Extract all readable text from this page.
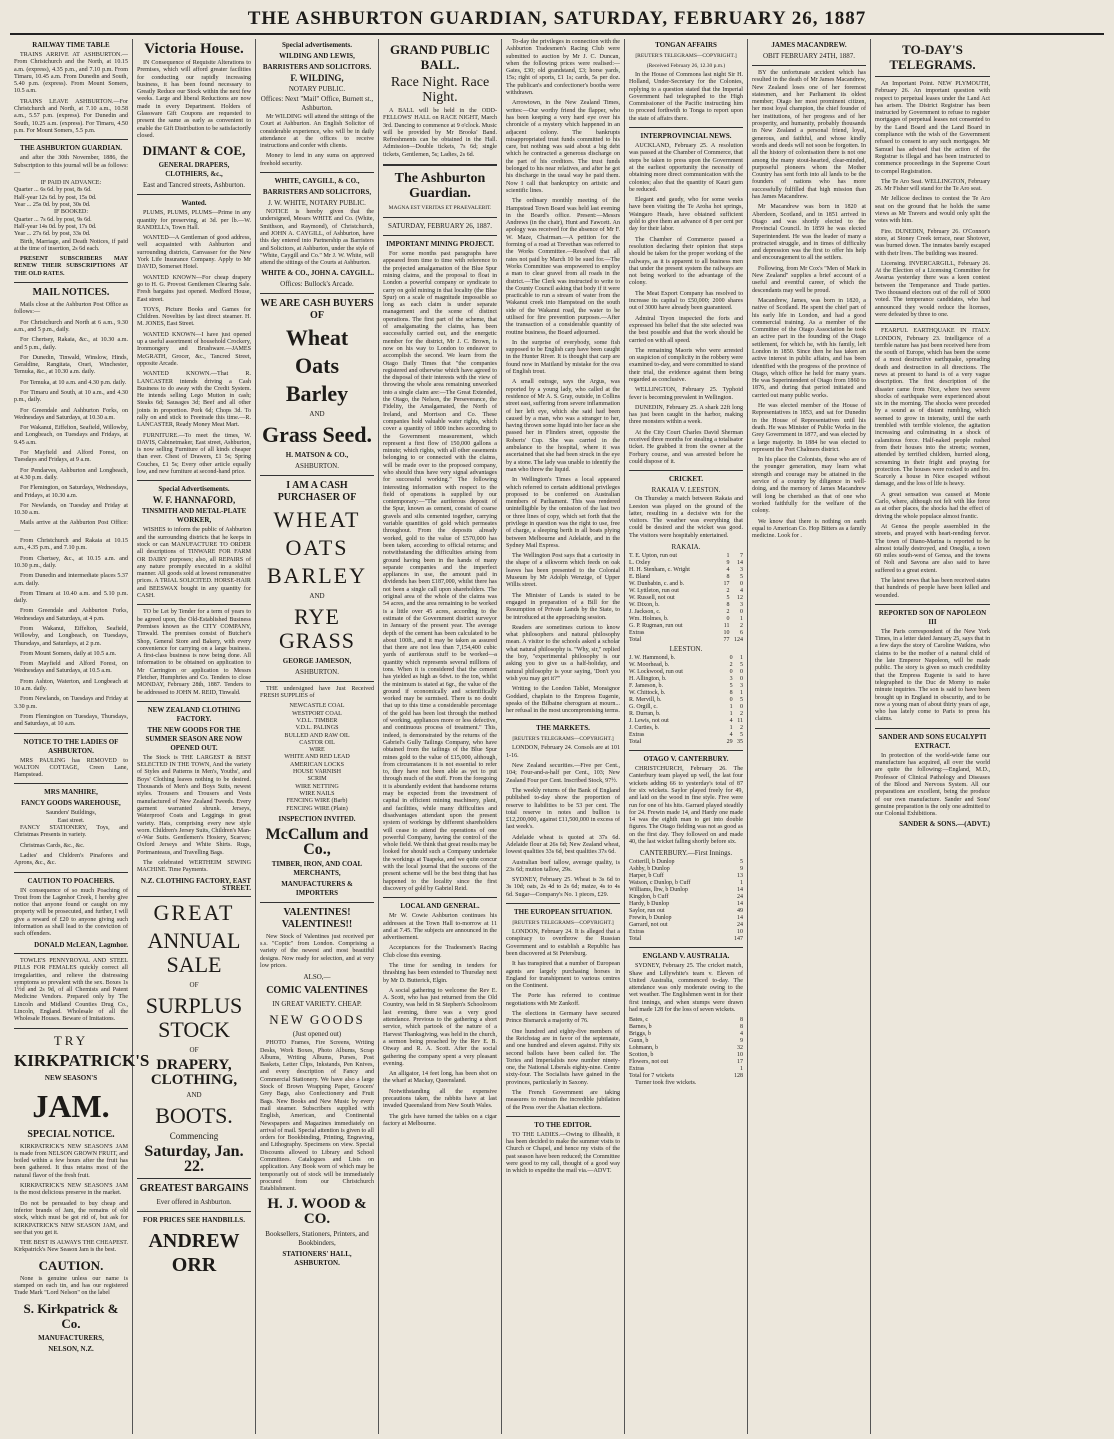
THE ASHBURTON GUARDIAN, SATURDAY, FEBRUARY 26, 1887
RAILWAY TIME TABLE

TRAINS ARRIVE AT ASHBURTON.—From Christchurch and the North, at 10.15 a.m. (express), 4.35 p.m., and 7.10 p.m. From Timaru, 10.45 a.m. From Dunedin and South, 5.40 p.m. (express). From Mount Somers, 10.5 a.m.

TRAINS LEAVE ASHBURTON.—For Christchurch and North, at 7.10 a.m., 10.58 a.m., 5.57 p.m. (express). For Dunedin and South, 10.25 a.m. (express). For Timaru, 4.50 p.m. For Mount Somers, 5.5 p.m.

THE ASHBURTON GUARDIAN.

and after the 30th November, 1886, the Subscription to this journal will be as follows:—

IF PAID IN ADVANCE:
Quarter ... 6s 6d. by post, 8s 6d.
Half-year 12s 6d. by post, 15s 0d.
Year ... 25s 0d. by post, 30s 0d.
IF BOOKED:
Quarter ... 7s 6d. by post, 9s 6d.
Half-year 14s 0d. by post, 17s 0d.
Year ... 27s 6d. by post, 33s 0d.

Birth, Marriage, and Death Notices, if paid at the time of insertion, 2s 6d each.

PRESENT SUBSCRIBERS MAY RENEW THEIR SUBSCRIPTIONS AT THE OLD RATES.

MAIL NOTICES.

Mails close at the Ashburton Post Office as follows:—

For Christchurch and North at 6 a.m., 9.30 a.m., and 5 p.m., daily.

For Chertsey, Rakaia, &c., at 10.30 a.m. and 5 p.m., daily.

For Dunedin, Tinwald, Winslow, Hinds, Geraldine, Rangitata, Orari, Winchester, Temuka, &c., at 10.30 a.m. daily.

For Temuka, at 10 a.m. and 4.30 p.m. daily.

For Timaru and South, at 10 a.m., and 4.30 p.m., daily.

For Greendale and Ashburton Forks, on Wednesdays and Saturdays, at 10.30 a.m.

For Wakanui, Eiffelton, Seafield, Willowby, and Longbeach, on Tuesdays and Fridays, at 9.45 a.m.

For Mayfield and Alford Forest, on Tuesdays and Fridays, at 9 a.m.

For Pendarves, Ashburton and Longbeach, at 4.30 p.m. daily.

For Flemington, on Saturdays, Wednesdays, and Fridays, at 10.30 a.m.

For Newlands, on Tuesday and Friday at 10.30 a.m.

Mails arrive at the Ashburton Post Office:—

From Christchurch and Rakaia at 10.15 a.m., 4.35 p.m., and 7.10 p.m.

From Chertsey, &c., at 10.15 a.m. and 10.30 p.m., daily.

From Dunedin and intermediate places 5.37 a.m. daily.

From Timaru at 10.40 a.m. and 5.10 p.m. daily.

From Greendale and Ashburton Forks, Wednesdays and Saturdays, at 4 p.m.

From Wakanui, Eiffelton, Seafield, Willowby, and Longbeach, on Tuesdays, Thursdays, and Saturdays, at 2 p.m.

From Mount Somers, daily at 10.5 a.m.

From Mayfield and Alford Forest, on Wednesdays and Saturdays, at 10.5 a.m.

From Ashton, Waterton, and Longbeach at 10 a.m. daily.

From Newlands, on Tuesdays and Friday at 3.30 p.m.

From Flemington on Tuesdays, Thursdays, and Saturdays, at 10 a.m.

NOTICE TO THE LADIES OF ASHBURTON.

MRS PAULING has REMOVED to WALTON COTTAGE, Creen Lane, Hampstead.

MRS MANHIRE,
FANCY GOODS WAREHOUSE,
Saunders' Buildings,
East street.

FANCY STATIONERY, Toys, and Christmas Presents in variety.

Christmas Cards, &c., &c.

Ladies' and Children's Pinafores and Aprons, &c., &c.

CAUTION TO POACHERS.

IN consequence of so much Poaching of Trout from the Lagmhor Creek, I hereby give notice that anyone found or caught on my property will be prosecuted, and further, I will give a reward of £20 to anyone giving such information as shall lead to the conviction of such offenders.

DONALD McLEAN, Lagmhor.

TOWLE'S PENNYROYAL AND STEEL PILLS FOR FEMALES quickly correct all irregularities, and relieve the distressing symptoms so prevalent with the sex. Boxes 1s 1½d and 2s 9d, of all Chemists and Patent Medicine Vendors. Prepared only by The Lincoln and Midland Counties Drug Co., Lincoln, England. Wholesale of all the Wholesale Houses. Beware of Imitations.

TRY
KIRKPATRICK'S
NEW SEASON'S
JAM.
SPECIAL NOTICE.

KIRKPATRICK'S NEW SEASON'S JAM is made from NELSON GROWN FRUIT, and boiled within a few hours after the fruit has been gathered. It thus retains most of the natural flavor of the fresh fruit.

KIRKPATRICK'S NEW SEASON'S JAM is the most delicious preserve in the market.

Do not be persuaded to buy cheap and inferior brands of Jam, the remains of old stock, which must be got rid of, but ask for KIRKPATRICK'S NEW SEASON JAM, and see that you get it.

THE BEST IS ALWAYS THE CHEAPEST. Kirkpatrick's New Season Jam is the best.

CAUTION.

None is genuine unless our name is stamped on each tin, and has our registered Trade Mark "Lord Nelson" on the label

S. Kirkpatrick & Co.
MANUFACTURERS,
NELSON, N.Z.
Victoria House.

IN Consequence of Requisite Alterations to Premises, which will afford greater facilities for conducting our rapidly increasing business, it has been found necessary to Greatly Reduce our Stock within the next few weeks. Large and liberal Reductions are now made in every Department. Holders of Glassware Gift Coupons are requested to present the same as early as convenient to enable the Gift Distribution to be satisfactorily closed.

DIMANT & COE,
GENERAL DRAPERS, CLOTHIERS, &c.,
East and Tancred streets, Ashburton.
Wanted.

PLUMS, PLUMS, PLUMS—Prime in any quantity for preserving, at 3d. per lb.—W. RANDELL's, Town Hall.

WANTED—A Gentleman of good address, well acquainted with Ashburton and surrounding districts, Canvasser for the New York Life Insurance Company. Apply to Mr DAVID, Somerset Hotel.

WANTED KNOWN—For cheap drapery go to H. G. Provost Gentlemen Clearing Sale. Fresh bargains just opened. Medford House, East street.

TOYS, Picture Books and Games for Children. Novelties by last direct steamer. H. M. JONES, East Street.

WANTED KNOWN—I have just opened up a useful assortment of household Crockery, Ironmongery and Brushware.—JAMES McGRATH, Grocer, &c., Tancred Street, opposite Arcade.

WANTED KNOWN.—That R. LANCASTER intends driving a Cash Business to do away with the Credit System. He intends selling Lego Mutton in cash; Steaks 6d; Sausages 3d; Beef and all other joints in proportion. Pork 6d; Chops 3d. To rally on and stick to Freetrade this time.—R. LANCASTER, Ready Money Meat Mart.

FURNITURE.—To meet the times, W. DAVIS, Cabinetmaker, East street, Ashburton, is now selling Furniture of all kinds cheaper than ever. Chest of Drawers, £1 5s; Spring Couches, £1 5s; Every other article equally low, and new furniture at second-hand price.

Special Advertisements.
W. F. HANNAFORD,
TINSMITH AND METAL-PLATE WORKER,

WISHES to inform the public of Ashburton and the surrounding districts that he keeps in stock or can MANUFACTURE TO ORDER all descriptions of TINWARE FOR FARM OR DAIRY purposes; also, all REPAIRS of any nature promptly executed in a skilful manner. All goods sold at lowest remunerative prices. A TRIAL SOLICITED. HORSE-HAIR and BEESWAX bought in any quantity for CASH.

TO be Let by Tender for a term of years to be agreed upon, the Old-Established Business Premises known as the CITY COMPANY, Tinwald. The premises consist of Butcher's Shop, General Store and Bakery, with every convenience for carrying on a large business. A first-class business is now being done. All information to be obtained on application to Mr Carrington or application to Messrs Fletcher, Humphries and Co. Tenders to close MONDAY, February 28th, 1887. Tenders to be addressed to JOHN M. REID, Tinwald.

NEW ZEALAND CLOTHING FACTORY.
THE NEW GOODS FOR THE SUMMER SEASON ARE NOW OPENED OUT.

The Stock is THE LARGEST & BEST SELECTED IN THE TOWN, And the variety of Styles and Patterns in Men's, Youths', and Boys' Clothing leaves nothing to be desired. Thousands of Men's and Boys Suits, newest styles. Trousers and Trousers and Vests manufactured of New Zealand Tweeds. Every garment warranted shrunk. Jerseys, Waterproof Coats and Leggings in great variety. Hats, comprising every new style worn. Children's Jersey Suits, Children's Man-o'-War Suits. Gentlemen's Hosiery, Scarves; Oxford Jerseys and White Shirts. Rugs, Portmanteaus, and Travelling Bags.

The celebrated WERTHEIM SEWING MACHINE. Time Payments.

N.Z. CLOTHING FACTORY, EAST STREET.
GREAT
ANNUAL SALE
OF
SURPLUS STOCK
OF
DRAPERY, CLOTHING,
AND
BOOTS.
Commencing
Saturday, Jan. 22.
GREATEST BARGAINS
Ever offered in Ashburton.
FOR PRICES SEE HANDBILLS.
ANDREW ORR
Special advertisements.
WILDING AND LEWIS,
BARRISTERS AND SOLICITORS.
F. WILDING,
NOTARY PUBLIC.
Offices: Next "Mail" Office, Burnett st., Ashburton.

Mr WILDING will attend the sittings of the Court at Ashburton. An English Solicitor of considerable experience, who will be in daily attendance at the offices to receive instructions and confer with clients.

Money to lend in any sums on approved freehold security.

WHITE, CAYGILL, & CO.,
BARRISTERS AND SOLICITORS,
J. W. WHITE, NOTARY PUBLIC.

NOTICE is hereby given that the undersigned, Messrs WHITE and Co. (White, Smithson, and Raymond), of Christchurch, and JOHN A. CAYGILL, of Ashburton, have this day entered into Partnership as Barristers and Solicitors, at Ashburton, under the style of "White, Caygill and Co." Mr J. W. White, will attend the sittings of the Courts at Ashburton.

WHITE & CO., JOHN A. CAYGILL.
Offices: Bullock's Arcade.
WE ARE CASH BUYERS OF
Wheat
Oats
Barley
AND
Grass Seed.
H. MATSON & CO.,
ASHBURTON.
I AM A CASH PURCHASER OF
WHEAT
OATS
BARLEY
AND
RYE GRASS
GEORGE JAMESON,
ASHBURTON.

THE undersigned have Just Received FRESH SUPPLIES of

NEWCASTLE COAL
WESTPORT COAL
V.D.L. TIMBER
V.D.L. PALINGS
BULLED AND RAW OIL
CASTOR OIL
WIRE
WHITE AND RED LEAD
AMERICAN LOCKS
HOUSE VARNISH
SCRIM
WIRE NETTING
WIRE NAILS
FENCING WIRE (Barb)
FENCING WIRE (Plain)
INSPECTION INVITED.
McCallum and Co.,
TIMBER, IRON, AND COAL MERCHANTS,
MANUFACTURERS & IMPORTERS
VALENTINES! VALENTINES!!

New Stock of Valentines just received per s.s. "Coptic" from London. Comprising a variety of the newest and most beautiful designs. Now ready for selection, and at very low prices.

ALSO,—
COMIC VALENTINES
IN GREAT VARIETY. CHEAP.
NEW GOODS
(Just opened out)

PHOTO Frames, Fire Screens, Writing Desks, Work Boxes, Photo Albums, Scrap Albums, Writing Albums, Purses, Post Baskets, Letter Clips, Inkstands, Pen Knives, and every description of Fancy and Commercial Stationery. We have also a large Stock of Brown Wrapping Paper, Grocers' Grey Bags, also Confectionery and Fruit Bags. New Books and New Music by every mail steamer. Subscribers supplied with English, American, and Continental Newspapers and Magazines immediately on arrival of mail. Special attention is given to all orders for Bookbinding, Printing, Engraving, and Lithography. Specimens on view. Special Discounts allowed to Library and School Committees. Catalogues and Lists on application. Any Book worn of which may be temporarily out of stock will be immediately procured from our Christchurch Establishment.

H. J. WOOD & CO.
Booksellers, Stationers, Printers, and Bookbinders,
STATIONERS' HALL, ASHBURTON.
GRAND PUBLIC BALL.
Race Night. Race Night.

A BALL will be held in the ODD-FELLOWS' HALL on RACE NIGHT, March 3rd. Dancing to commence at 9 o'clock. Music will be provided by Mr Brooks' Band. Refreshments can be obtained in the Hall. Admission—Double tickets, 7s 6d; single tickets, Gentlemen, 5s; Ladies, 2s 6d.

The Ashburton Guardian.
MAGNA EST VERITAS ET PRAEVALEBIT.
SATURDAY, FEBRUARY 26, 1887.
IMPORTANT MINING PROJECT.

For some months past paragraphs have appeared from time to time with reference to the projected amalgamation of the Blue Spur mining claims, and the proposal to float in London a powerful company or syndicate to carry on gold mining in that locality (the Blue Spur) on a scale of magnitude impossible so long as each claim is under separate management and the scene of distinct operations. The first part of the scheme, that of amalgamating the claims, has been successfully carried out, and the energetic member for the district, Mr J. C. Brown, is now on his way to London to endeavor to accomplish the second. We learn from the Otago Daily Times that "the companies registered and otherwise which have agreed to the disposal of their interests with the view of throwing the whole area remaining unworked into a single claim are:—The Great Extended, the Otago, the Nelson, the Perseverance, the Fidelity, the Amalgamated, the North of Ireland, and Morrison and Co. These companies hold valuable water rights, which cover a quantity of 1800 inches according to the Government measurement, which represent a first flow of 150,000 gallons a minute; which rights, with all other easements belonging to or connected with the claims, will be made over to the proposed company, who should thus have very signal advantages for successful working." The following interesting information with respect to the field of operations is supplied by our contemporary:—"The auriferous deposit of the Spur, known as cement, consist of coarse gravels and silts cemented together, carrying variable quantities of gold which permeates throughout. From the deposits already worked, gold to the value of £570,000 has been taken, according to official returns; and notwithstanding the difficulties arising from ground having been in the hands of many separate companies and the imperfect appliances in use, the amount paid in dividends has been £187,000, whilst there has not been a single call upon shareholders. The original area of the whole of the claims was 54 acres, and the area remaining to be worked is a little over 45 acres, according to the estimate of the Government district surveyor in January of the present year. The average depth of the cement has been calculated to be about 100ft., and it may be taken as assured that there are not less than 7,154,400 cubic yards of auriferous stuff to be worked—a quantity which represents several millions of tons. When it is considered that the cement has yielded as high as 6dwt. to the ton, whilst the minimum is stated at 6gr., the value of the ground if economically and scientifically worked may be surmised. There is no doubt that up to this time a considerable percentage of the gold has been lost through the method of working, appliances more or less defective, and continuous process of treatment." This, indeed, is demonstrated by the returns of the Gabriel's Gully Tailings Company, who have obtained from the tailings of the Blue Spur mines gold to the value of £15,000, although, from circumstances it is not essential to refer to, they have not been able as yet to put through much of the stuff. From the foregoing it is abundantly evident that handsome returns may be expected from the investment of capital in efficient mining machinery, plant, and facilities, while many difficulties and disadvantages attendant upon the present system of workings by different shareholders will cease to attend the operations of one powerful Company, having the control of the whole field. We think that great results may be looked for should such a Company undertake the workings at Tuapeka, and we quite concur with the local journal that the success of the present scheme will be the best thing that has happened to the locality since the first discovery of gold by Gabriel Reid.

LOCAL AND GENERAL.

Mr W. Cowie Ashburton continues his addresses at the Town Hall to-morrow at 11 and at 7.45. The subjects are announced in the advertisement.

Acceptances for the Tradesmen's Racing Club close this evening.

The time for sending in tenders for thrashing has been extended to Thursday next by Mr D. Butterick, Elgin.

A social gathering to welcome the Rev E. A. Scott, who has just returned from the Old Country, was held in St Stephen's Schoolroom last evening, there was a very good attendance. Previous to the gathering a short service, which partook of the nature of a Harvest Thanksgiving, was held in the church, a sermon being preached by the Rev E. B. Otway and R. A. Scott. After the social gathering the company spent a very pleasant evening.

An alligator, 14 feet long, has been shot on the wharf at Mackay, Queensland.

Notwithstanding all the expensive precautions taken, the rabbits have at last invaded Queensland from New South Wales.

The girls have turned the tables on a cigar factory at Melbourne.

To-day the privileges in connection with the Ashburton Tradesmen's Racing Club were submitted to auction by Mr J. C. Duncan, when the following prices were realised:—Gates, £30; old grandstand, £3; horse yards, 15s; right of sports, £1 1s; cards, 5s per doz. The publican's and confectioner's booths were withdrawn.

Arrowtown, in the New Zealand Times, writes:—Our worthy friend the flapper, who has been keeping a very hard eye over his chronicle of a mystery which happened in an adjacent colony. The bankrupts misappropriated trust funds committed to his care, but nothing was said about a big debt which he contracted a generous discharge on the part of his creditors. The trust funds belonged to his near relatives, and after he got his discharge in the usual way he paid them. Now I call that bankruptcy on artistic and scientific lines.

The ordinary monthly meeting of the Hampstead Town Board was held last evening in the Board's office. Present:—Messrs Andrews (in the chair), Hunt and Fawcett. An apology was received for the absence of Mr F. W. Maze, Chairman.—A petition for the forming of a road at Trevethan was referred to the Works Committee.—Resolved that all rates not paid by March 10 be sued for.—The Works Committee was empowered to employ a man to clear gravel from all roads in the district.—The Clerk was instructed to write to the County Council asking that body if it were practicable to run a stream of water from the Wakanui creek into Hampstead on the south side of the Wakanui road, the water to be utilised for fire prevention purposes.—After the transaction of a considerable quantity of routine business, the Board adjourned.

In the surprise of everybody, some fish supposed to be English carp have been caught in the Hunter River. It is thought that carp are found now in Maitland by mistake for the ova of English trout.

A small outrage, says the Argus, was reported by a young lady, who called at the residence of Mr A. S. Gray, outside, in Collins street east, suffering from severe inflammation of her left eye, which she said had been caused by a man, who was a stranger to her, having thrown some liquid into her face as she passed her in Flinders street, opposite the Roberts' Cup. She was carried in the ambulance to the hospital, where it was ascertained that she had been struck in the eye by a stone. The lady was unable to identify the man who threw the liquid.

In Wellington's Times a local appeared which referred to certain additional privileges proposed to be conferred on Australian members of Parliament. This was rendered unintelligible by the omission of the last two or three lines of copy, which set forth that the privilege in question was the right to use, free of charge, a sleeping berth in all boats plying between Melbourne and Adelaide, and in the Sydney Mail Express.

The Wellington Post says that a curiosity in the shape of a silkworm which feeds on oak leaves has been presented to the Colonial Museum by Mr Adolph Wenzige, of Upper Willis street.

The Minister of Lands is stated to be engaged in preparation of a Bill for the Resumption of Private Lands by the State, to be introduced at the approaching session.

Readers are sometimes curious to know what philosophers and natural philosophy mean. A visitor to the schools asked a scholar what natural philosophy is. "Why, sir," replied the boy, "experimental philosophy is our asking you to give us a half-holiday, and natural philosophy is your saying, 'Don't you wish you may get it?'"

Writing to the London Tablet, Monsignor Goddard, chaplain to the Empress Eugenie, speaks of the Bilbaine cherogram at mourn... her refusal in the most uncompromising terms.

THE MARKETS.
[REUTER'S TELEGRAMS—COPYRIGHT.]

LONDON, February 24. Consols are at 101 1-16.

New Zealand securities.—Five per Cent., 104; Four-and-a-half per Cent., 103; New Zealand Four per Cent. Inscribed Stock, 97½.

The weekly returns of the Bank of England published to-day show the proportion of reserve to liabilities to be 53 per cent. The total reserve in notes and bullion is £12,200,000, against £11,500,000 in excess of last week's.

Adelaide wheat is quoted at 37s 6d. Adelaide flour at 26s 6d; New Zealand wheat, lowest qualities 33s 6d, best qualities 37s 6d.

Australian beef tallow, average quality, is 23s 6d; mutton tallow, 29s.

SYDNEY, February 25. Wheat is 3s 6d to 3s 10d; oats, 2s 4d to 2s 6d; maize, 4s to 4s 6d. Sugar—Company's No. 1 pieces, £29.

THE EUROPEAN SITUATION.
[REUTER'S TELEGRAMS—COPYRIGHT.]

LONDON, February 24. It is alleged that a conspiracy to overthrow the Russian Government and to establish a Republic has been discovered at St Petersburg.

It has transpired that a number of European agents are largely purchasing horses in England for transhipment to various centres on the Continent.

The Porte has referred to continue negotiations with Mr Zankoff.

The elections in Germany have secured Prince Bismarck a majority of 76.

One hundred and eighty-five members of the Reichstag are in favor of the septennate, and one hundred and eleven against. Fifty six second ballots have been called for. The Tories and Imperialists now number ninety-one, the National Liberals eighty-nine. Centre sixty-four. The Socialists have gained in the provinces, particularly in Saxony.

The French Government are taking measures to restrain the incredible jubilation of the Press over the Alsatian elections.

TO THE EDITOR.

TO THE LADIES.—Owing to illhealth, it has been decided to make the summer visits to Church or Chapel, and hence my visits of the past season have been reduced; the Committee were good to my call, thought of a good way in which to expedite the mail via.—ADVT.

TONGAN AFFAIRS
[REUTER'S TELEGRAMS—COPYRIGHT.]
(Received February 26, 12.30 p.m.)

In the House of Commons last night Sir H. Holland, Under-Secretary for the Colonies, replying to a question stated that the Imperial Government had telegraphed to the High Commissioner of the Pacific instructing him to proceed forthwith to Tonga to report upon the state of affairs there.

INTERPROVINCIAL NEWS.

AUCKLAND, February 25. A resolution was passed at the Chamber of Commerce, that steps be taken to press upon the Government at the earliest opportunity the necessity of obtaining more direct communication with the colonies; also that the quantity of Kauri gum be reduced.

Elegant and gaudy, who for some weeks have been visiting the Te Aroha hot springs, Waingaro Heads, have obtained sufficient gold to give them an advance of 8 per cent per day for their labor.

The Chamber of Commerce passed a resolution declaring their opinion that steps should be taken for the proper working of the railways, as it is apparent to all business men that under the present system the railways are not being worked to the advantage of the colony.

The Meat Export Company has resolved to increase its capital to £50,000; 2000 shares out of 3000 have already been guaranteed.

Admiral Tryon inspected the forts and expressed his belief that the site selected was the best possible and that the work should be carried on with all speed.

The remaining Maoris who were arrested on suspicion of complicity in the robbery were examined to-day, and were committed to stand their trial, the evidence against them being regarded as conclusive.

WELLINGTON, February 25. Typhoid fever is becoming prevalent in Wellington.

DUNEDIN, February 25. A shark 22ft long has just been caught in the harbor, making three monsters within a week.

At the City Court Charles David Sherman received three months for stealing a totalisator ticket. He grabbed it from the owner at the Forbury course, and was arrested before he could dispose of it.

CRICKET.
RAKAIA V. LEESTON.

On Thursday a match between Rakaia and Leeston was played on the ground of the latter, resulting in a decisive win for the visitors. The weather was everything that could be desired and the wicket was good. The visitors were hospitably entertained.

RAKAIA.
T. E. Upton, run out	1	7
L. Oxley	9	14
H. H. Stenham, c. Wright	4	3
E. Bland	8	5
W. Dunbabin, c. and b.	17	0
W. Lyttleton, run out	2	4
W. Russell, not out	5	12
W. Dixon, b.	8	3
J. Jackson, c.	2	0
Wm. Holmes, b.	0	1
G. P. Rugman, run out	11	2
Extras	10	6
Total	77	124
LEESTON.
J. W. Hammond, b.	0	1
W. Moorhead, b.	2	5
W. Lockwood, run out	0	0
H. Allington, b.	3	0
F. Jameson, b.	5	3
W. Chittock, b.	8	1
R. Mervill, b.	0	5
G. Orgill, c.	1	0
R. Durran, b.	1	2
J. Lewis, not out	4	11
J. Curties, b.	1	2
Extras	4	5
Total	29	35
OTAGO V. CANTERBURY.

CHRISTCHURCH, February 26. The Canterbury team played up well, the last four wickets adding 66 to yesterday's total of 87 for six wickets. Saylor played freely for 49, and laid on the wood in fine style. Five were run for one of his hits. Garrard played steadily for 24. Frewin made 14, and Hardy one made 14 was the eighth man to get into double figures. The Otago fielding was not as good as on the first day. They followed on and made 40, the last wicket falling shortly before six.

CANTERBURY.—First Innings.
Cotterill, b Dunlop	5
Ashby, b Dunlop	9
Harper, b Cuff	13
Watson, c Dunlop, b Cuff	1
Williams, lbw, b Dunlop	14
Kingdon, b Cuff	24
Hardy, b Dunlop	14
Saylor, run out	49
Frewin, b Dunlop	14
Garrard, not out	24
Extras	10
Total	147
ENGLAND V. AUSTRALIA.

SYDNEY, February 25. The cricket match, Shaw and Lillywhite's team v. Eleven of United Australia, commenced to-day. The attendance was only moderate owing to the wet weather. The Englishmen went in for their first innings, and when stumps were drawn had made 128 for the loss of seven wickets.

Bates, c	8
Barnes, b	8
Briggs, b	4
Gunn, b	9
Lohmann, b	32
Scotton, b	10
Flowers, not out	17
Extras	1
Total for 7 wickets	128

Turner took five wickets.

JAMES MACANDREW.
OBIT FEBRUARY 24TH, 1887.

BY the unfortunate accident which has resulted in the death of Mr James Macandrew, New Zealand loses one of her foremost statesmen, and her Parliament its oldest member; Otago her most prominent citizen, her most loyal champion, the chief founder of her institutions, of her progress and of her prosperity, and humanity, probably thousands in New Zealand a personal friend, loyal, generous, and faithful, and whose kindly words and deeds will not soon be forgotten. In all the history of colonisation there is not one among the many stout-hearted, clear-minded, purposeful pioneers whom the Mother Country has sent forth into all lands to be the founders of nations who has more successfully fulfilled that high mission than has James Macandrew.

Mr Macandrew was born in 1820 at Aberdeen, Scotland, and in 1851 arrived in Otago and was shortly elected to the Provincial Council. In 1859 he was elected Superintendent. He was the leader of many a protracted struggle, and in times of difficulty and depression was the first to offer his help and encouragement to all the settlers.

Following, from Mr Cox's "Men of Mark in New Zealand" supplies a brief account of a useful and eventful career, of which the descendants may well be proud.

Macandrew, James, was born in 1820, a native of Scotland. He spent the chief part of his early life in London, and had a good commercial training. As a member of the Committee of the Otago Association he took an active part in the founding of the Otago settlement, for which he, with his family, left London in 1850. Since then he has taken an active interest in public affairs, and has been identified with the progress of the province of Otago, which office he held for many years. He was Superintendent of Otago from 1860 to 1876, and during that period initiated and carried out many public works.

He was elected member of the House of Representatives in 1853, and sat for Dunedin in the House of Representatives until his death. He was Minister of Public Works in the Grey Government in 1877, and was elected by a large majority. In 1884 he was elected to represent the Port Chalmers district.

In his place the Colonists, those who are of the younger generation, may learn what strength and courage may be attained in the service of a country by diligence in well-doing, and the memory of James Macandrew will long be cherished as that of one who worked faithfully for the welfare of the colony.

We know that there is nothing on earth equal to American Co. Hop Bitters as a family medicine. Look for .

TO-DAY'S TELEGRAMS.

An Important Point. NEW PLYMOUTH, February 26. An important question with respect to perpetual leases under the Land Act has arisen. The District Registrar has been instructed by Government to refuse to register mortgages of perpetual leases not consented to by the Land Board and the Land Board in compliance with the wish of the Government refused to consent to any such mortgages. Mr Samuel has advised that the action of the Registrar is illegal and has been instructed to commence proceedings in the Supreme Court to compel Registration.

The Te Aro Seat. WELLINGTON, February 26. Mr Fisher will stand for the Te Aro seat.

Mr Jellicoe declines to contest the Te Aro seat on the ground that he holds the same views as Mr Travers and would only split the votes with him.

Fire. DUNEDIN, February 26. O'Connor's store, at Stoney Creek terrace, near Shotover, was burned down. The inmates barely escaped with their lives. The building was insured.

Licensing. INVERCARGILL, February 26. At the Election of a Licensing Committee for Awarua yesterday there was a keen contest between the Temperance and Trade parties. Two thousand electors out of the roll of 3000 voted. The temperance candidates, who had announced they would reduce the licenses, were defeated by three to one.

FEARFUL EARTHQUAKE IN ITALY. LONDON, February 23. Intelligence of a terrible nature has just been received here from the south of Europe, which has been the scene of a most destructive earthquake, spreading death and destruction in all directions. The news at present to hand is of a very vague description. The first description of the disaster came from Nice, where two severe shocks of earthquake were experienced about six in the morning. The shocks were preceded by a sound as of distant rumbling, which seemed to grow in intensity, until the earth trembled with terrible violence, the agitation increasing and culminating in a shock of calamitous force. Half-naked people rushed from their houses into the streets; women, attended by terrified children, hurried along, screaming in their fright and praying for protection. The houses were rocked to and fro. Scarcely a house in Nice escaped without damage, and the loss of life is heavy.

A great sensation was caused at Monte Carlo, where, although not felt with like force as at other places, the shocks had the effect of driving the whole populace almost frantic.

At Genoa the people assembled in the streets, and prayed with heart-rending fervor. The town of Diano-Marina is reported to be almost totally destroyed, and Oneglia, a town 60 miles south-west of Genoa, and the towns of Noli and Savona are also said to have suffered to a great extent.

The latest news that has been received states that hundreds of people have been killed and wounded.

REPORTED SON OF NAPOLEON III

The Paris correspondent of the New York Times, in a letter dated January 25, says that in a few days the story of Caroline Watkins, who claims to be the mother of a natural child of the late Emperor Napoleon, will be made public. The story is given so much credibility that the Empress Eugenie is said to have telegraphed to the Duc de Morny to make minute inquiries. The son is said to have been brought up in England in obscurity, and to be now a young man of about thirty years of age, who has lately come to Paris to press his claims.

SANDER AND SONS EUCALYPTI EXTRACT.

In protection of the world-wide fame our manufacture has acquired, all over the world are quite the following:—England, M.D., Professor of Clinical Pathology and Diseases of the Blood and Nervous System. All our preparations are excellent, being the produce of our own manufacture. Sander and Sons' genuine preparation is the only one admitted to our Colonial Exhibitions.

SANDER & SONS.—(ADVT.)
